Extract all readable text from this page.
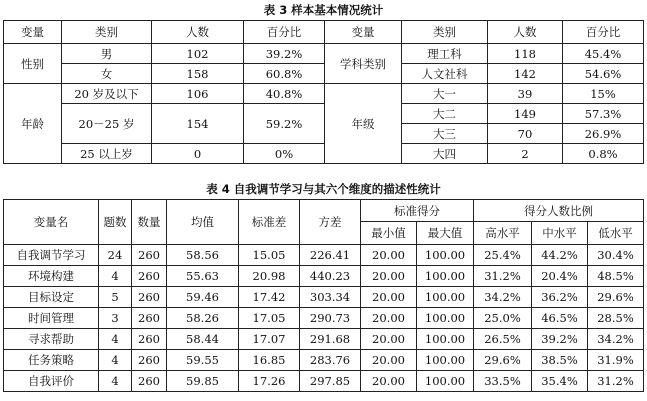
表 3 样本基本情况统计
变量	类别	人数	百分比	变量	类别	人数	百分比
性别	男	102	39.2%	学科类别	理工科	118	45.4%
	女	158	60.8%		人文社科	142	54.6%
年龄	20 岁及以下	106	40.8%	年级	大一	39	15%
	20－25 岁	154	59.2%		大二	149	57.3%
					大三	70	26.9%
	25 以上岁	0	0%		大四	2	0.8%
表 4 自我调节学习与其六个维度的描述性统计
变量名	题数	数量	均值	标准差	方差	标准得分		得分人数比例		
						最小值	最大值	高水平	中水平	低水平
自我调节学习	24	260	58.56	15.05	226.41	20.00	100.00	25.4%	44.2%	30.4%
环境构建	4	260	55.63	20.98	440.23	20.00	100.00	31.2%	20.4%	48.5%
目标设定	5	260	59.46	17.42	303.34	20.00	100.00	34.2%	36.2%	29.6%
时间管理	3	260	58.26	17.05	290.73	20.00	100.00	25.0%	46.5%	28.5%
寻求帮助	4	260	58.44	17.07	291.68	20.00	100.00	26.5%	39.2%	34.2%
任务策略	4	260	59.55	16.85	283.76	20.00	100.00	29.6%	38.5%	31.9%
自我评价	4	260	59.85	17.26	297.85	20.00	100.00	33.5%	35.4%	31.2%
